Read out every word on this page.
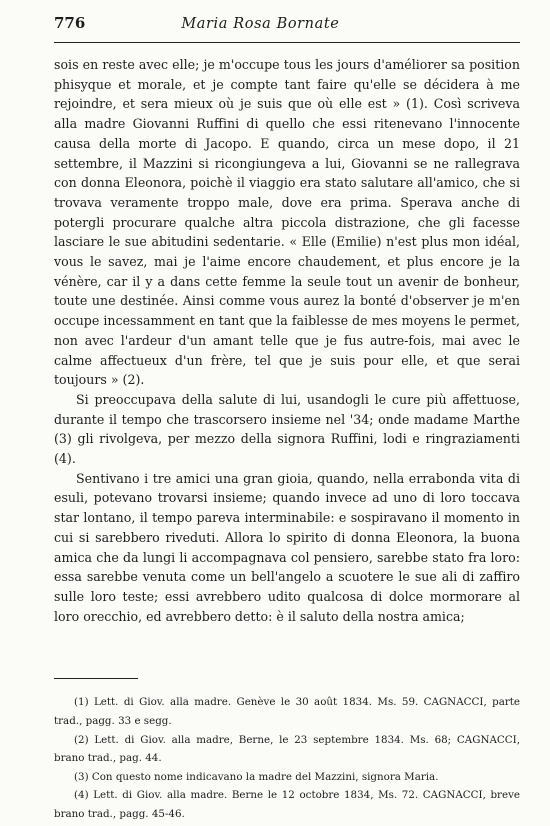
776	Maria Rosa Bornate

sois en reste avec elle; je m'occupe tous les jours d'améliorer sa position phisyque et morale, et je compte tant faire qu'elle se décidera à me rejoindre, et sera mieux où je suis que où elle est » (1). Così scriveva alla madre Giovanni Ruffini di quello che essi ritenevano l'innocente causa della morte di Jacopo. E quando, circa un mese dopo, il 21 settembre, il Mazzini si ricongiungeva a lui, Giovanni se ne rallegrava con donna Eleonora, poichè il viaggio era stato salutare all'amico, che si trovava veramente troppo male, dove era prima. Sperava anche di potergli procurare qualche altra piccola distrazione, che gli facesse lasciare le sue abitudini sedentarie. « Elle (Emilie) n'est plus mon idéal, vous le savez, mai je l'aime encore chaudement, et plus encore je la vénère, car il y a dans cette femme la seule tout un avenir de bonheur, toute une destinée. Ainsi comme vous aurez la bonté d'observer je m'en occupe incessamment en tant que la faiblesse de mes moyens le permet, non avec l'ardeur d'un amant telle que je fus autre-fois, mai avec le calme affectueux d'un frère, tel que je suis pour elle, et que serai toujours » (2).

Si preoccupava della salute di lui, usandogli le cure più affettuose, durante il tempo che trascorsero insieme nel '34; onde madame Marthe (3) gli rivolgeva, per mezzo della signora Ruffini, lodi e ringraziamenti (4).

Sentivano i tre amici una gran gioia, quando, nella errabonda vita di esuli, potevano trovarsi insieme; quando invece ad uno di loro toccava star lontano, il tempo pareva interminabile: e sospiravano il momento in cui si sarebbero riveduti. Allora lo spirito di donna Eleonora, la buona amica che da lungi li accompagnava col pensiero, sarebbe stato fra loro: essa sarebbe venuta come un bell'angelo a scuotere le sue ali di zaffiro sulle loro teste; essi avrebbero udito qualcosa di dolce mormorare al loro orecchio, ed avrebbero detto: è il saluto della nostra amica;

(1) Lett. di Giov. alla madre. Genève le 30 août 1834. Ms. 59. CAGNACCI, parte trad., pagg. 33 e segg.

(2) Lett. di Giov. alla madre, Berne, le 23 septembre 1834. Ms. 68; CAGNACCI, brano trad., pag. 44.

(3) Con questo nome indicavano la madre del Mazzini, signora Maria.

(4) Lett. di Giov. alla madre. Berne le 12 octobre 1834, Ms. 72. CAGNACCI, breve brano trad., pagg. 45-46.
